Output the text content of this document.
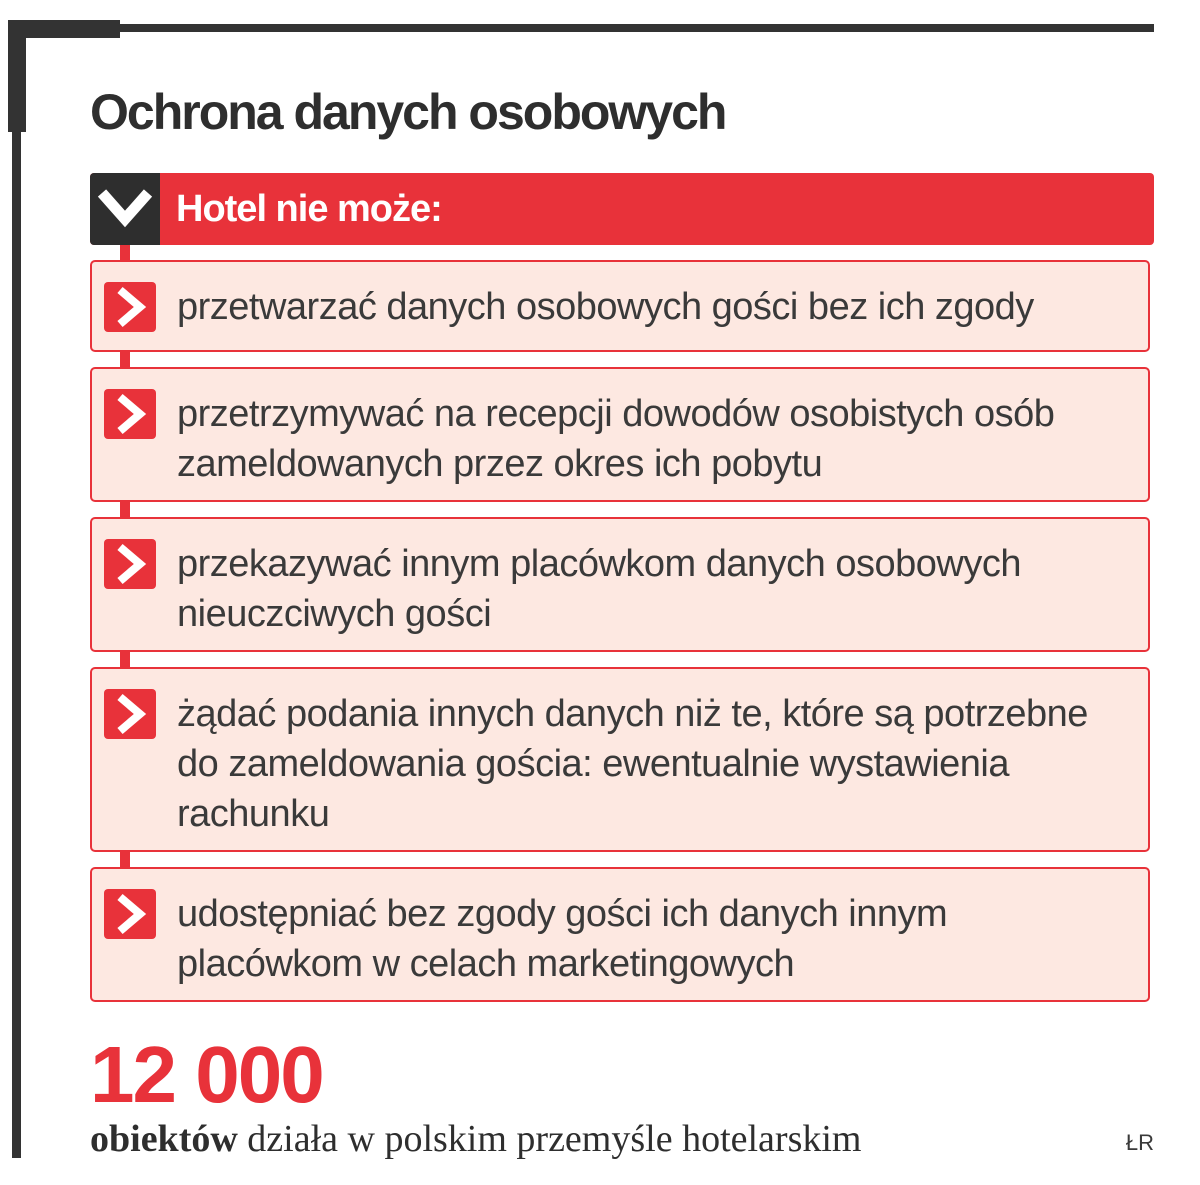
Ochrona danych osobowych
Hotel nie może:

przetwarzać danych osobowych gości bez ich zgody

przetrzymywać na recepcji dowodów osobistych osób zameldowanych przez okres ich pobytu

przekazywać innym placówkom danych osobowych nieuczciwych gości

żądać podania innych danych niż te, które są potrzebne do zameldowania gościa: ewentualnie wystawienia rachunku

udostępniać bez zgody gości ich danych innym placówkom w celach marketingowych

12 000
obiektów działa w polskim przemyśle hotelarskim	ŁR
